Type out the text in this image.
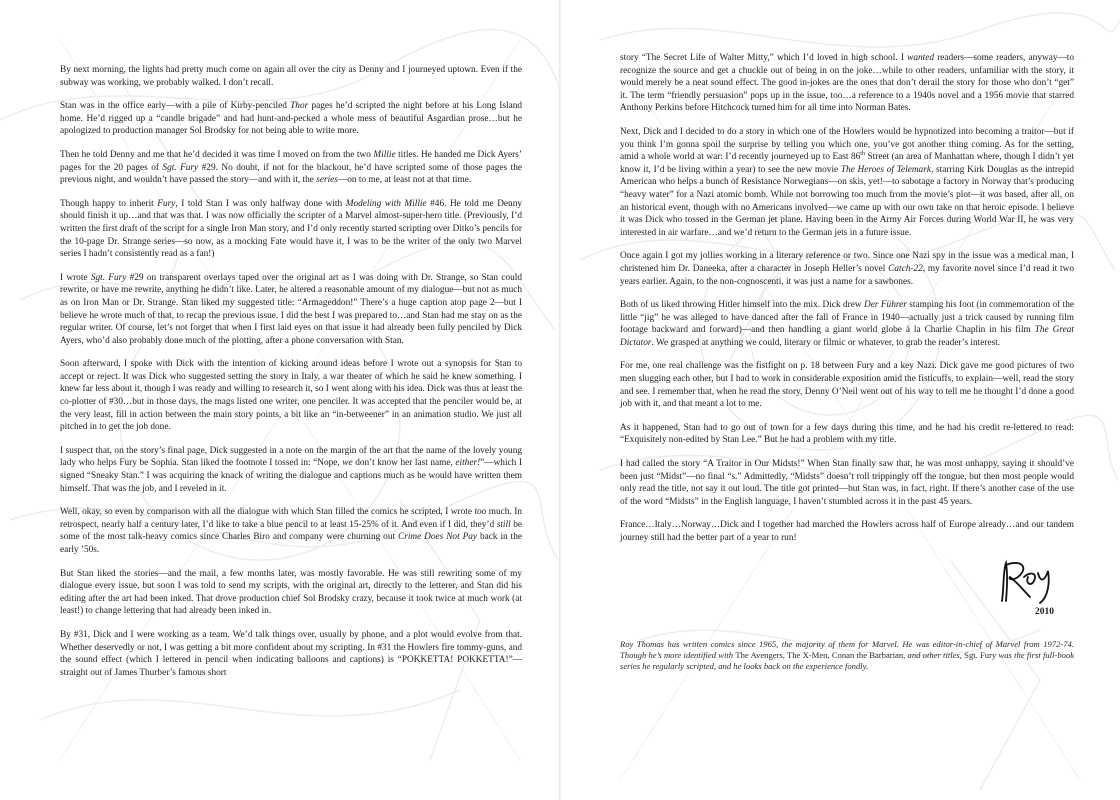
By next morning, the lights had pretty much come on again all over the city as Denny and I journeyed uptown. Even if the subway was working, we probably walked. I don’t recall.

Stan was in the office early—with a pile of Kirby-penciled Thor pages he’d scripted the night before at his Long Island home. He’d rigged up a “candle brigade” and had hunt-and-pecked a whole mess of beautiful Asgardian prose…but he apologized to production manager Sol Brodsky for not being able to write more.

Then he told Denny and me that he’d decided it was time I moved on from the two Millie titles. He handed me Dick Ayers’ pages for the 20 pages of Sgt. Fury #29. No doubt, if not for the blackout, he’d have scripted some of those pages the previous night, and wouldn’t have passed the story—and with it, the series—on to me, at least not at that time.

Though happy to inherit Fury, I told Stan I was only halfway done with Modeling with Millie #46. He told me Denny should finish it up…and that was that. I was now officially the scripter of a Marvel almost-super-hero title. (Previously, I’d written the first draft of the script for a single Iron Man story, and I’d only recently started scripting over Ditko’s pencils for the 10-page Dr. Strange series—so now, as a mocking Fate would have it, I was to be the writer of the only two Marvel series I hadn’t consistently read as a fan!)

I wrote Sgt. Fury #29 on transparent overlays taped over the original art as I was doing with Dr. Strange, so Stan could rewrite, or have me rewrite, anything he didn’t like. Later, he altered a reasonable amount of my dialogue—but not as much as on Iron Man or Dr. Strange. Stan liked my suggested title: “Armageddon!” There’s a huge caption atop page 2—but I believe he wrote much of that, to recap the previous issue. I did the best I was prepared to…and Stan had me stay on as the regular writer. Of course, let’s not forget that when I first laid eyes on that issue it had already been fully penciled by Dick Ayers, who’d also probably done much of the plotting, after a phone conversation with Stan.

Soon afterward, I spoke with Dick with the intention of kicking around ideas before I wrote out a synopsis for Stan to accept or reject. It was Dick who suggested setting the story in Italy, a war theater of which he said he knew something. I knew far less about it, though I was ready and willing to research it, so I went along with his idea. Dick was thus at least the co-plotter of #30…but in those days, the mags listed one writer, one penciler. It was accepted that the penciler would be, at the very least, fill in action between the main story points, a bit like an “in-betweener” in an animation studio. We just all pitched in to get the job done.

I suspect that, on the story’s final page, Dick suggested in a note on the margin of the art that the name of the lovely young lady who helps Fury be Sophia. Stan liked the footnote I tossed in: “Nope, we don’t know her last name, either!”—which I signed “Sneaky Stan.” I was acquiring the knack of writing the dialogue and captions much as he would have written them himself. That was the job, and I reveled in it.

Well, okay, so even by comparison with all the dialogue with which Stan filled the comics he scripted, I wrote too much. In retrospect, nearly half a century later, I’d like to take a blue pencil to at least 15-25% of it. And even if I did, they’d still be some of the most talk-heavy comics since Charles Biro and company were churning out Crime Does Not Pay back in the early ’50s.

But Stan liked the stories—and the mail, a few months later, was mostly favorable. He was still rewriting some of my dialogue every issue, but soon I was told to send my scripts, with the original art, directly to the letterer, and Stan did his editing after the art had been inked. That drove production chief Sol Brodsky crazy, because it took twice at much work (at least!) to change lettering that had already been inked in.

By #31, Dick and I were working as a team. We’d talk things over, usually by phone, and a plot would evolve from that. Whether deservedly or not, I was getting a bit more confident about my scripting. In #31 the Howlers fire tommy-guns, and the sound effect (which I lettered in pencil when indicating balloons and captions) is “POKKETTA! POKKETTA!”—straight out of James Thurber’s famous short

story “The Secret Life of Walter Mitty,” which I’d loved in high school. I wanted readers—some readers, anyway—to recognize the source and get a chuckle out of being in on the joke…while to other readers, unfamiliar with the story, it would merely be a neat sound effect. The good in-jokes are the ones that don’t derail the story for those who don’t “get” it. The term “friendly persuasion” pops up in the issue, too…a reference to a 1940s novel and a 1956 movie that starred Anthony Perkins before Hitchcock turned him for all time into Norman Bates.

Next, Dick and I decided to do a story in which one of the Howlers would be hypnotized into becoming a traitor—but if you think I’m gonna spoil the surprise by telling you which one, you’ve got another thing coming. As for the setting, amid a whole world at war: I’d recently journeyed up to East 86th Street (an area of Manhattan where, though I didn’t yet know it, I’d be living within a year) to see the new movie The Heroes of Telemark, starring Kirk Douglas as the intrepid American who helps a bunch of Resistance Norwegians—on skis, yet!—to sabotage a factory in Norway that’s producing “heavy water” for a Nazi atomic bomb. While not borrowing too much from the movie’s plot—it was based, after all, on an historical event, though with no Americans involved—we came up with our own take on that heroic episode. I believe it was Dick who tossed in the German jet plane. Having been in the Army Air Forces during World War II, he was very interested in air warfare…and we’d return to the German jets in a future issue.

Once again I got my jollies working in a literary reference or two. Since one Nazi spy in the issue was a medical man, I christened him Dr. Daneeka, after a character in Joseph Heller’s novel Catch-22, my favorite novel since I’d read it two years earlier. Again, to the non-cognoscenti, it was just a name for a sawbones.

Both of us liked throwing Hitler himself into the mix. Dick drew Der Führer stamping his foot (in commemoration of the little “jig” he was alleged to have danced after the fall of France in 1940—actually just a trick caused by running film footage backward and forward)—and then handling a giant world globe à la Charlie Chaplin in his film The Great Dictator. We grasped at anything we could, literary or filmic or whatever, to grab the reader’s interest.

For me, one real challenge was the fistfight on p. 18 between Fury and a key Nazi. Dick gave me good pictures of two men slugging each other, but I had to work in considerable exposition amid the fisticuffs, to explain—well, read the story and see. I remember that, when he read the story, Denny O’Neil went out of his way to tell me he thought I’d done a good job with it, and that meant a lot to me.

As it happened, Stan had to go out of town for a few days during this time, and he had his credit re-lettered to read: “Exquisitely non-edited by Stan Lee.” But he had a problem with my title.

I had called the story “A Traitor in Our Midsts!” When Stan finally saw that, he was most unhappy, saying it should’ve been just “Midst”—no final “s.” Admittedly, “Midsts” doesn’t roll trippingly off the tongue, but then most people would only read the title, not say it out loud. The title got printed—but Stan was, in fact, right. If there’s another case of the use of the word “Midsts” in the English language, I haven’t stumbled across it in the past 45 years.

France…Italy…Norway…Dick and I together had marched the Howlers across half of Europe already…and our tandem journey still had the better part of a year to run!

2010

Roy Thomas has written comics since 1965, the majority of them for Marvel. He was editor-in-chief of Marvel from 1972-74. Though he’s more identified with The Avengers, The X-Men, Conan the Barbarian, and other titles, Sgt. Fury was the first full-book series he regularly scripted, and he looks back on the experience fondly.
